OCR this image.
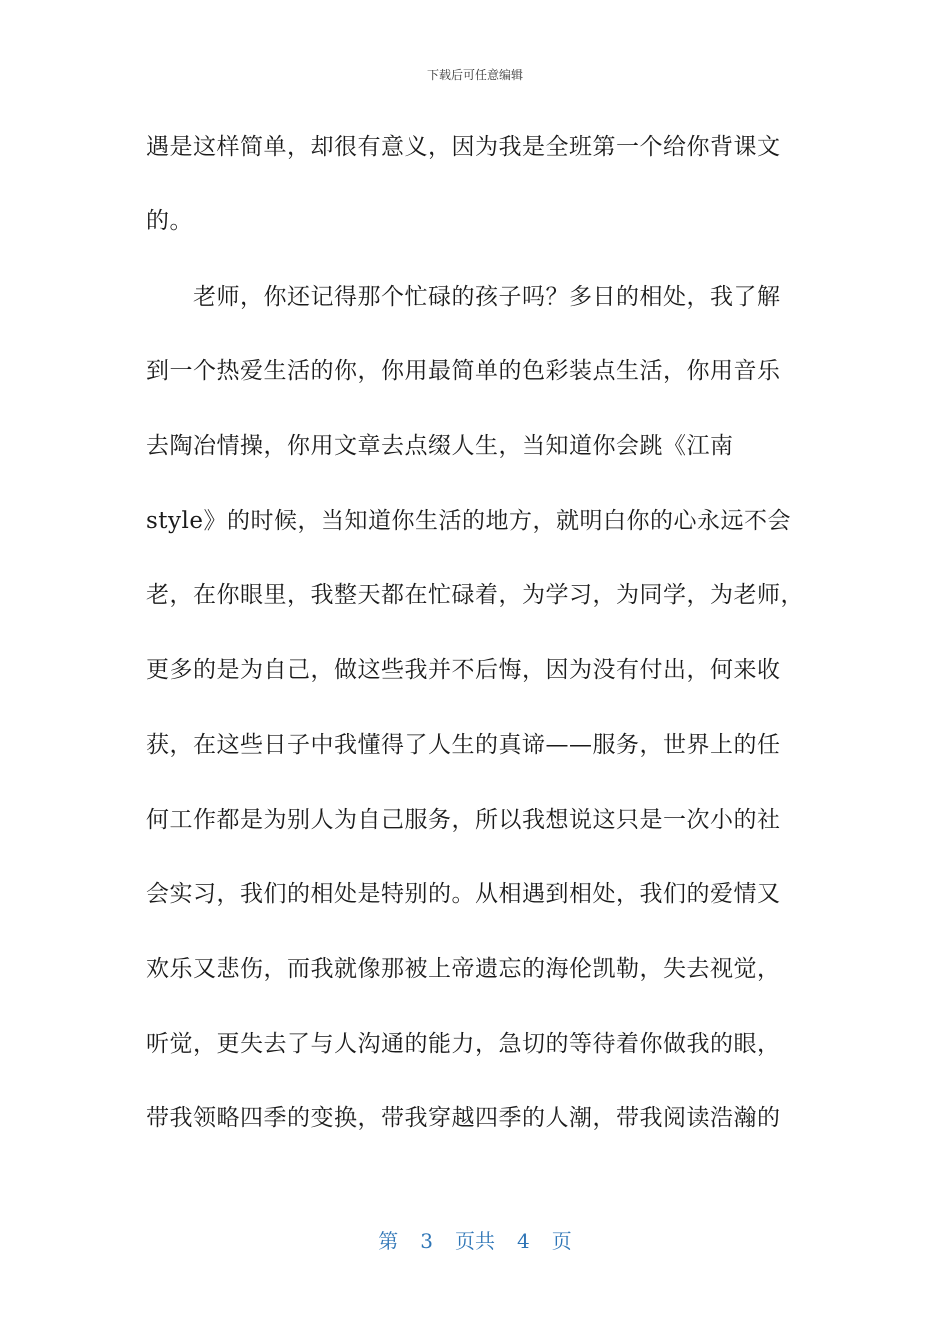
下载后可任意编辑
遇是这样简单，却很有意义，因为我是全班第一个给你背课文
的。
老师，你还记得那个忙碌的孩子吗？多日的相处，我了解
到一个热爱生活的你，你用最简单的色彩装点生活，你用音乐
去陶冶情操，你用文章去点缀人生，当知道你会跳《江南
style》的时候，当知道你生活的地方，就明白你的心永远不会
老，在你眼里，我整天都在忙碌着，为学习，为同学，为老师，
更多的是为自己，做这些我并不后悔，因为没有付出，何来收
获，在这些日子中我懂得了人生的真谛——服务，世界上的任
何工作都是为别人为自己服务，所以我想说这只是一次小的社
会实习，我们的相处是特别的。从相遇到相处，我们的爱情又
欢乐又悲伤，而我就像那被上帝遗忘的海伦凯勒，失去视觉，
听觉，更失去了与人沟通的能力，急切的等待着你做我的眼，
带我领略四季的变换，带我穿越四季的人潮，带我阅读浩瀚的
第 3 页共 4 页
